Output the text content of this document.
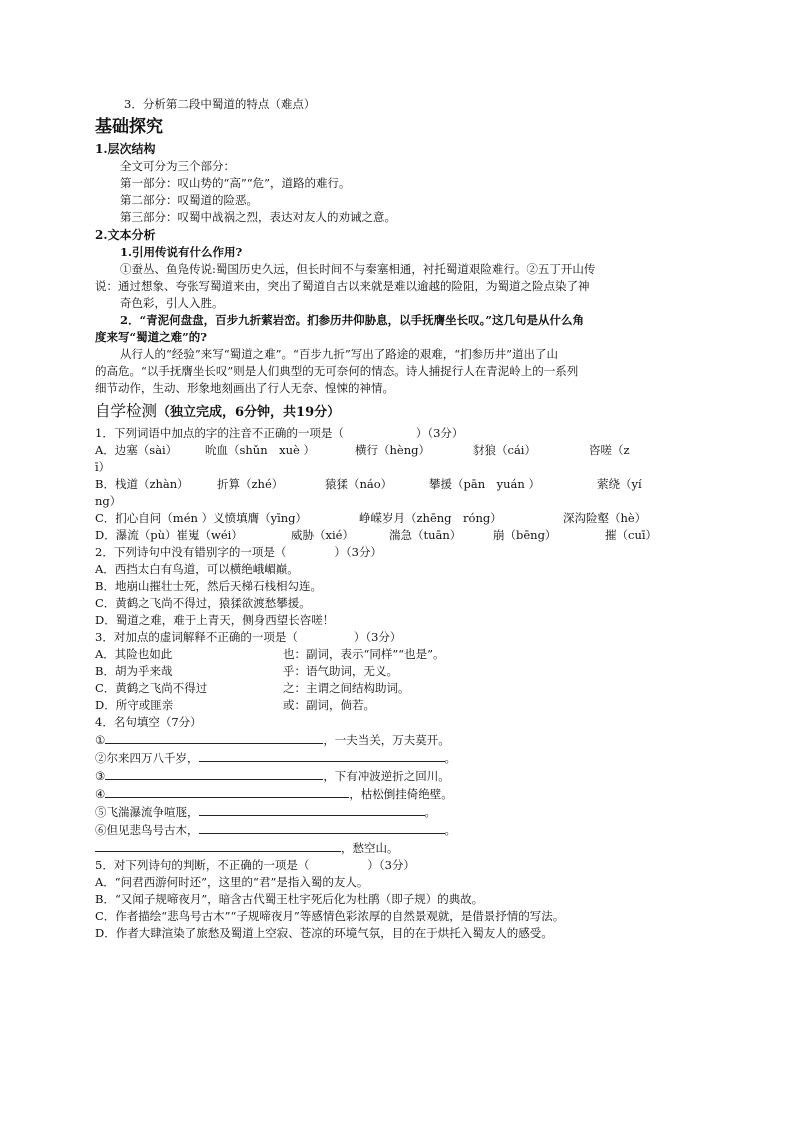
3．分析第二段中蜀道的特点（难点）
基础探究
1.层次结构
全文可分为三个部分：
第一部分：叹山势的“高”“危”，道路的难行。
第二部分：叹蜀道的险恶。
第三部分：叹蜀中战祸之烈，表达对友人的劝诫之意。
2.文本分析
1.引用传说有什么作用?
①蚕丛、鱼凫传说:蜀国历史久远，但长时间不与秦塞相通，衬托蜀道艰险难行。②五丁开山传
说：通过想象、夸张写蜀道来由，突出了蜀道自古以来就是难以逾越的险阻，为蜀道之险点染了神
奇色彩，引人入胜。
2．“青泥何盘盘，百步九折萦岩峦。扪参历井仰胁息，以手抚膺坐长叹。”这几句是从什么角
度来写“蜀道之难”的?
从行人的“经验”来写“蜀道之难”。“百步九折”写出了路途的艰难，“扪参历井”道出了山
的高危。“以手抚膺坐长叹”则是人们典型的无可奈何的情态。诗人捕捉行人在青泥岭上的一系列
细节动作，生动、形象地刻画出了行人无奈、惶悚的神情。
自学检测（独立完成，6分钟，共19分）
1．下列词语中加点的字的注音不正确的一项是（	）（3分）
A．边塞（sài）	吮血（shǔn　xuè ）	横行（hèng）	豺狼（cái）	咨嗟（z
ī）
B．栈道（zhàn）	折算（zhé）	猿猱（náo）	攀援（pān　yuán ）	萦绕（yí
ng）
C．扪心自问（mén ）义愤填膺（yīng）	峥嵘岁月（zhēng　róng）	深沟险壑（hè）
D．瀑流（pù）崔嵬（wéi）	威胁（xié）	湍急（tuān）	崩（bēng）	摧（cuī）
2．下列诗句中没有错别字的一项是（	）（3分）
A．西挡太白有鸟道，可以横绝峨嵋巅。
B．地崩山摧壮士死，然后天梯石栈相勾连。
C．黄鹤之飞尚不得过，猿猱欲渡愁攀援。
D．蜀道之难，难于上青天，侧身西望长咨嗟！
3．对加点的虚词解释不正确的一项是（	）（3分）
A．其险也如此	也：副词，表示“同样”“也是”。
B．胡为乎来哉	乎：语气助词，无义。
C．黄鹤之飞尚不得过	之：主谓之间结构助词。
D．所守或匪亲	或：副词，倘若。
4．名句填空（7分）
①	，一夫当关，万夫莫开。
②尔来四万八千岁，	。
③	，下有冲波逆折之回川。
④	，枯松倒挂倚绝壁。
⑤飞湍瀑流争喧豗，	。
⑥但见悲鸟号古木，	。
，愁空山。
5．对下列诗句的判断，不正确的一项是（	）（3分）
A．“问君西游何时还”，这里的“君”是指入蜀的友人。
B．“又闻子规啼夜月”，暗含古代蜀王杜宇死后化为杜鹃（即子规）的典故。
C．作者描绘“悲鸟号古木”“子规啼夜月”等感情色彩浓厚的自然景观就，是借景抒情的写法。
D．作者大肆渲染了旅愁及蜀道上空寂、苍凉的环境气氛，目的在于烘托入蜀友人的感受。
